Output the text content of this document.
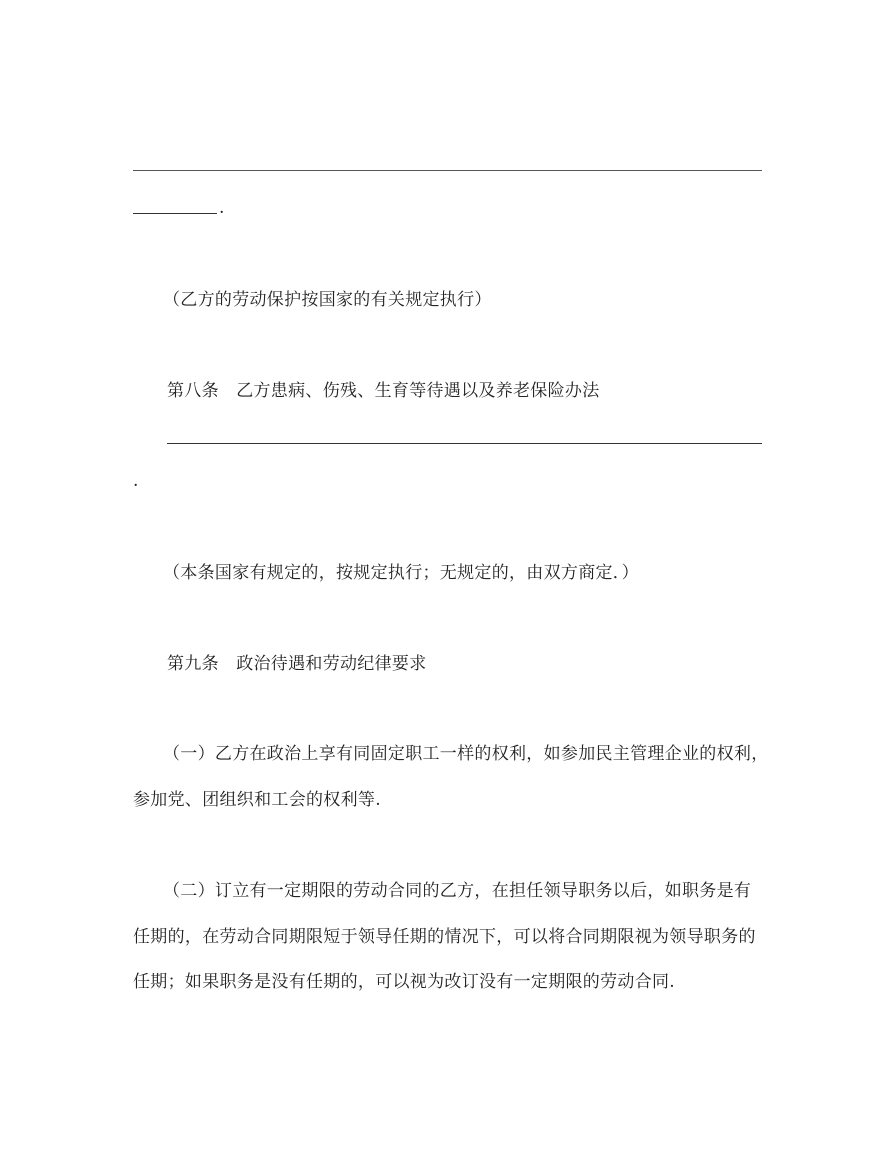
.
（乙方的劳动保护按国家的有关规定执行）
第八条　乙方患病、伤残、生育等待遇以及养老保险办法
.
（本条国家有规定的，按规定执行；无规定的，由双方商定．）
第九条　政治待遇和劳动纪律要求
（一）乙方在政治上享有同固定职工一样的权利，如参加民主管理企业的权利，
参加党、团组织和工会的权利等.
（二）订立有一定期限的劳动合同的乙方，在担任领导职务以后，如职务是有
任期的，在劳动合同期限短于领导任期的情况下，可以将合同期限视为领导职务的
任期；如果职务是没有任期的，可以视为改订没有一定期限的劳动合同.
